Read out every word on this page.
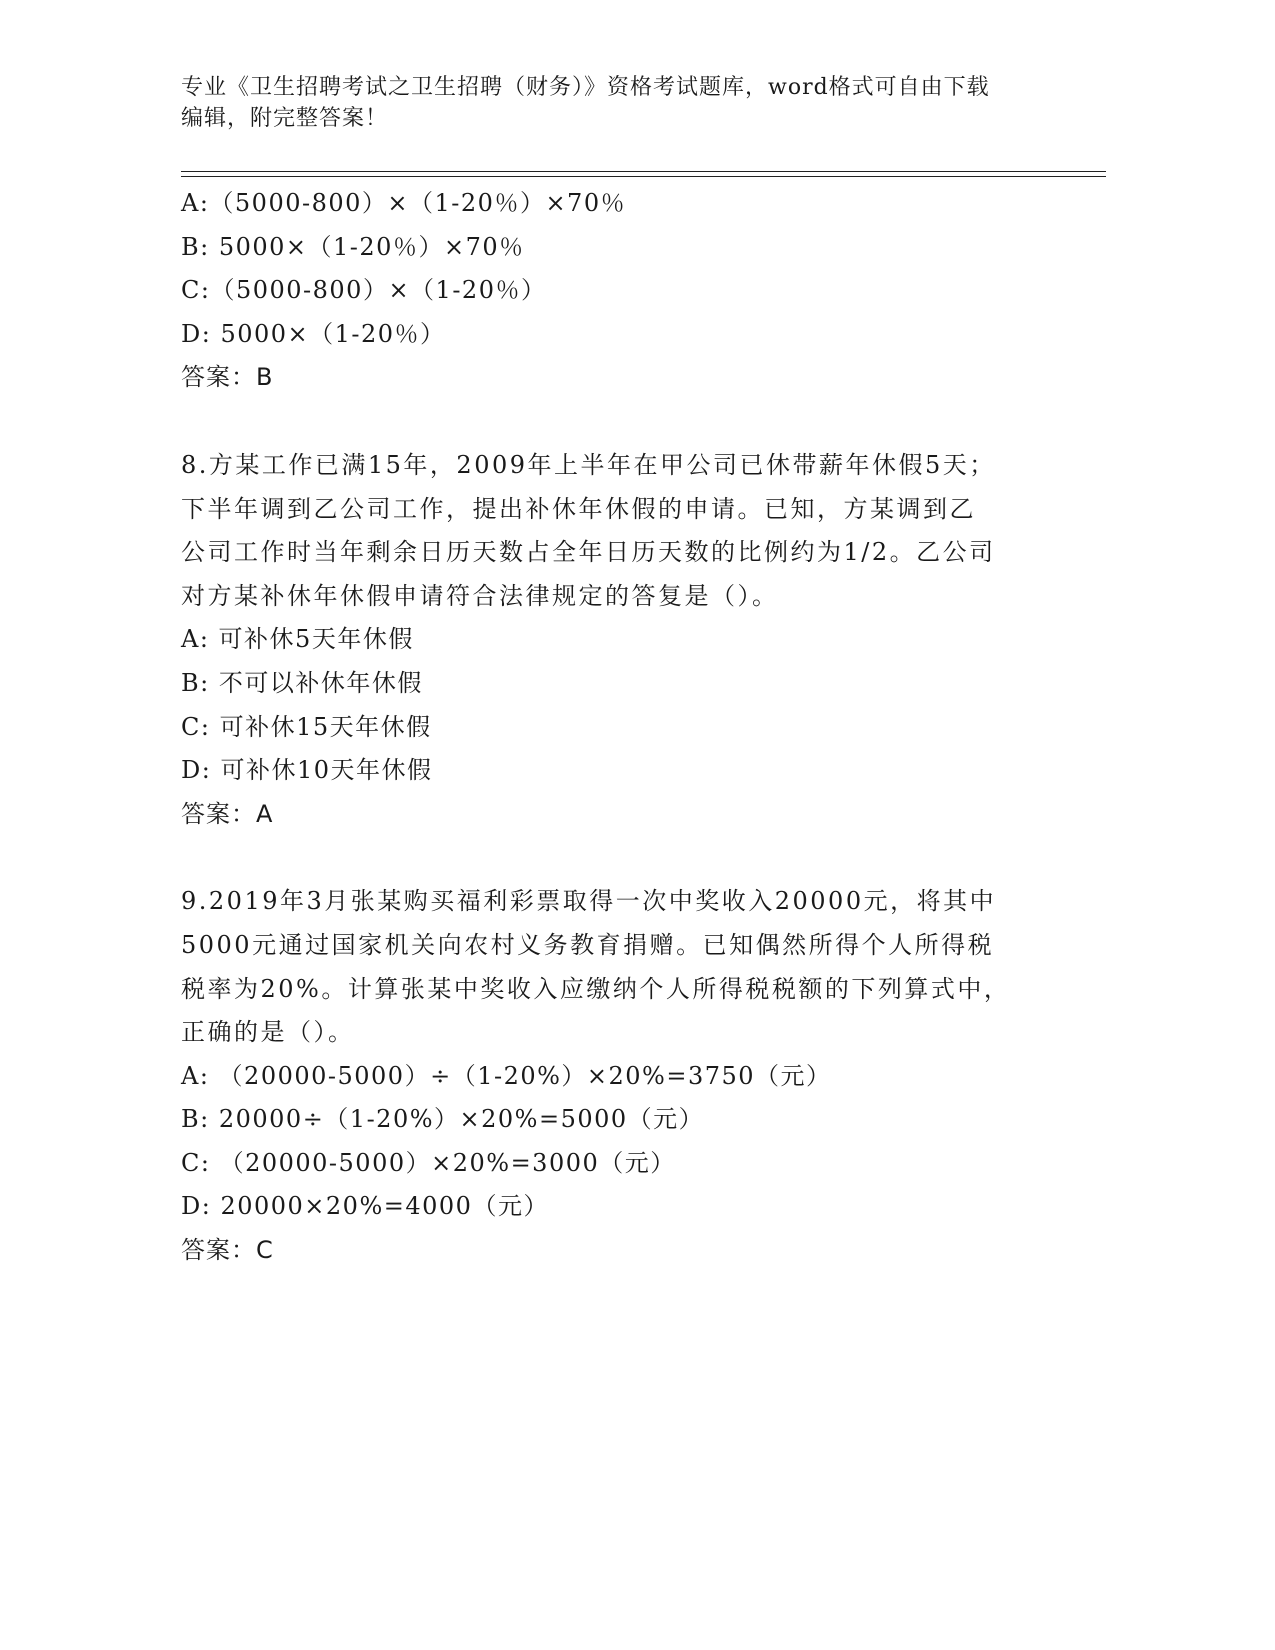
专业《卫生招聘考试之卫生招聘（财务）》资格考试题库，word格式可自由下载
编辑，附完整答案！
A:（5000-800）×（1-20％）×70％
B: 5000×（1-20％）×70％
C:（5000-800）×（1-20％）
D: 5000×（1-20％）
答案：B
8.方某工作已满15年，2009年上半年在甲公司已休带薪年休假5天；
下半年调到乙公司工作，提出补休年休假的申请。已知，方某调到乙
公司工作时当年剩余日历天数占全年日历天数的比例约为1/2。乙公司
对方某补休年休假申请符合法律规定的答复是（）。
A: 可补休5天年休假
B: 不可以补休年休假
C: 可补休15天年休假
D: 可补休10天年休假
答案：A
9.2019年3月张某购买福利彩票取得一次中奖收入20000元，将其中
5000元通过国家机关向农村义务教育捐赠。已知偶然所得个人所得税
税率为20%。计算张某中奖收入应缴纳个人所得税税额的下列算式中，
正确的是（）。
A: （20000-5000）÷（1-20%）×20%=3750（元）
B: 20000÷（1-20%）×20%=5000（元）
C: （20000-5000）×20%=3000（元）
D: 20000×20%=4000（元）
答案：C
